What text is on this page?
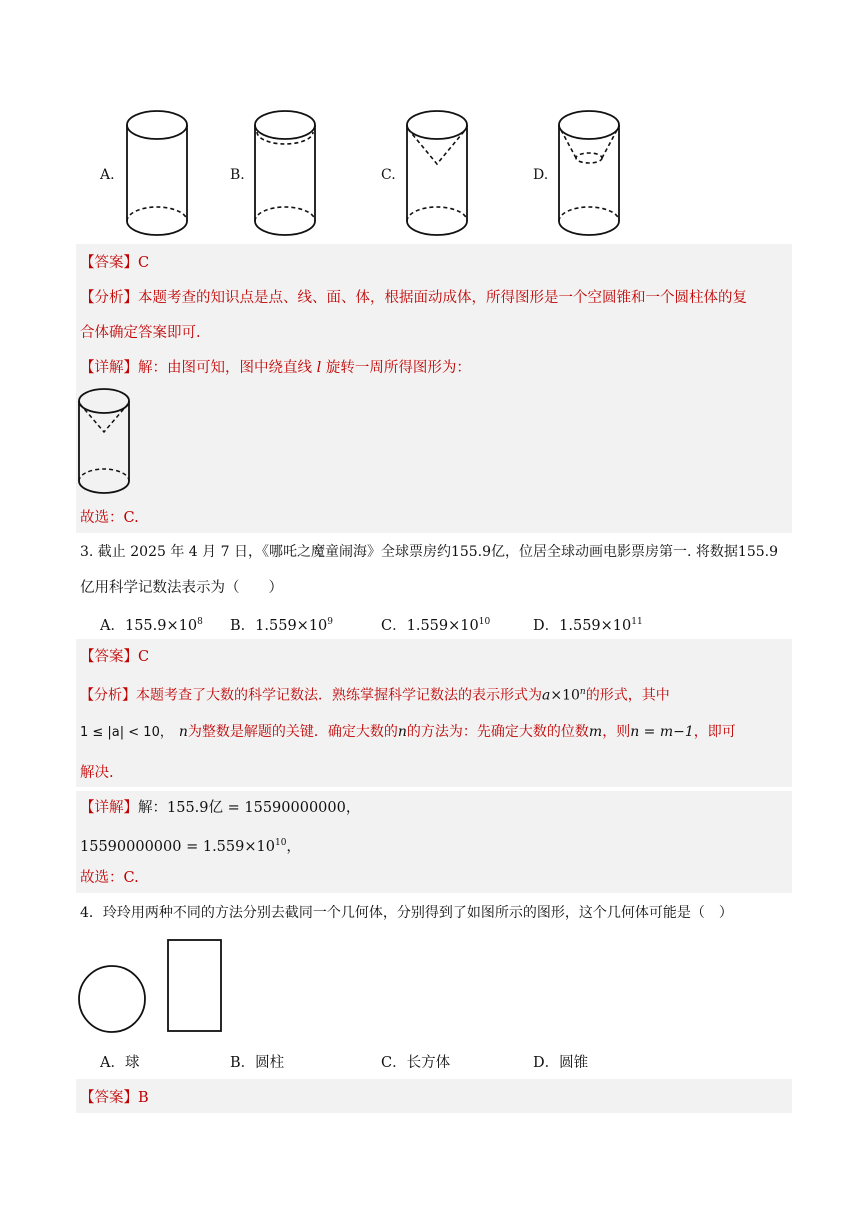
A.	B.	C.	D.
【答案】C
【分析】本题考查的知识点是点、线、面、体，根据面动成体，所得图形是一个空圆锥和一个圆柱体的复
合体确定答案即可.
【详解】解：由图可知，图中绕直线 l 旋转一周所得图形为：
故选：C.
3. 截止 2025 年 4 月 7 日，《哪吒之魔童闹海》全球票房约155.9亿，位居全球动画电影票房第一. 将数据155.9
亿用科学记数法表示为（　　）
A．$155.9\times 10^8$ B．$1.559\times 10^9$	C．$1.559\times 10^{10}$	D．$1.559\times 10^{11}$
【答案】C
【分析】本题考查了大数的科学记数法．熟练掌握科学记数法的表示形式为$a\times 10^n$的形式，其中
1 ≤ |a| < 10， n为整数是解题的关键．确定大数的n的方法为：先确定大数的位数m，则n = m−1，即可
解决.
【详解】解：155.9亿 = 15590000000，
$15590000000 = 1.559\times 10^{10}$，
故选：C.
4．玲玲用两种不同的方法分别去截同一个几何体，分别得到了如图所示的图形，这个几何体可能是（　）
A．球	B．圆柱	C．长方体	D．圆锥
【答案】B
